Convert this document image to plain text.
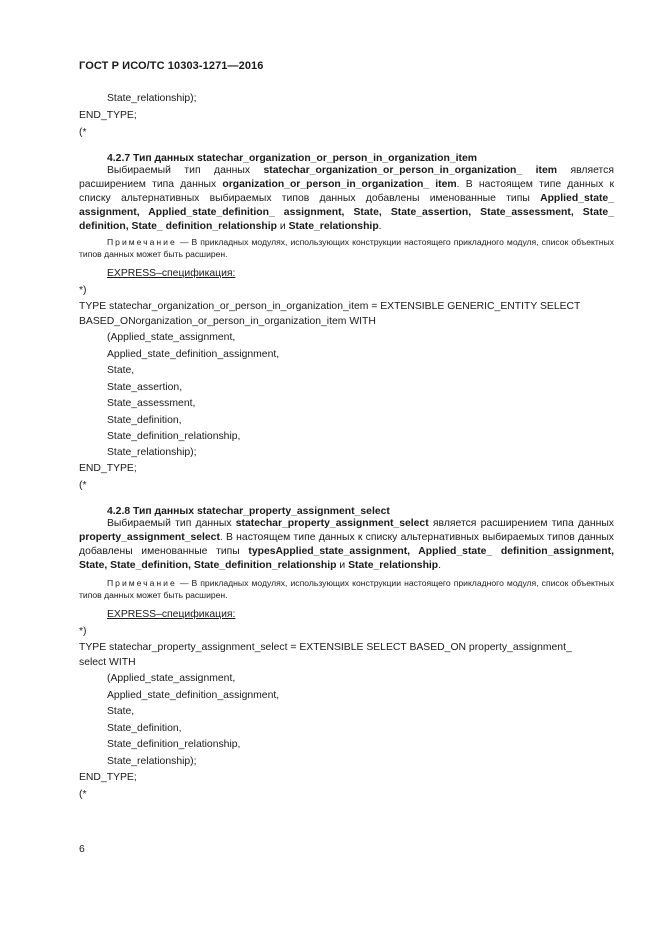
ГОСТ Р ИСО/ТС 10303-1271—2016
State_relationship);
END_TYPE;
(*
4.2.7 Тип данных statechar_organization_or_person_in_organization_item
Выбираемый тип данных statechar_organization_or_person_in_organization_ item является расширением типа данных organization_or_person_in_organization_ item. В настоящем типе данных к списку альтернативных выбираемых типов данных добавлены именованные типы Applied_state_ assignment, Applied_state_definition_ assignment, State, State_assertion, State_assessment, State_ definition, State_ definition_relationship и State_relationship.
Примечание — В прикладных модулях, использующих конструкции настоящего прикладного модуля, список объектных типов данных может быть расширен.
EXPRESS–спецификация:
*)
TYPE statechar_organization_or_person_in_organization_item = EXTENSIBLE GENERIC_ENTITY SELECT
BASED_ONorganization_or_person_in_organization_item WITH
(Applied_state_assignment,
Applied_state_definition_assignment,
State,
State_assertion,
State_assessment,
State_definition,
State_definition_relationship,
State_relationship);
END_TYPE;
(*
4.2.8 Тип данных statechar_property_assignment_select
Выбираемый тип данных statechar_property_assignment_select является расширением типа данных property_assignment_select. В настоящем типе данных к списку альтернативных выбираемых типов данных добавлены именованные типы typesApplied_state_assignment, Applied_state_ definition_assignment, State, State_definition, State_definition_relationship и State_relationship.
Примечание — В прикладных модулях, использующих конструкции настоящего прикладного модуля, список объектных типов данных может быть расширен.
EXPRESS–спецификация:
*)
TYPE statechar_property_assignment_select = EXTENSIBLE SELECT BASED_ON property_assignment_
select WITH
(Applied_state_assignment,
Applied_state_definition_assignment,
State,
State_definition,
State_definition_relationship,
State_relationship);
END_TYPE;
(*
6
